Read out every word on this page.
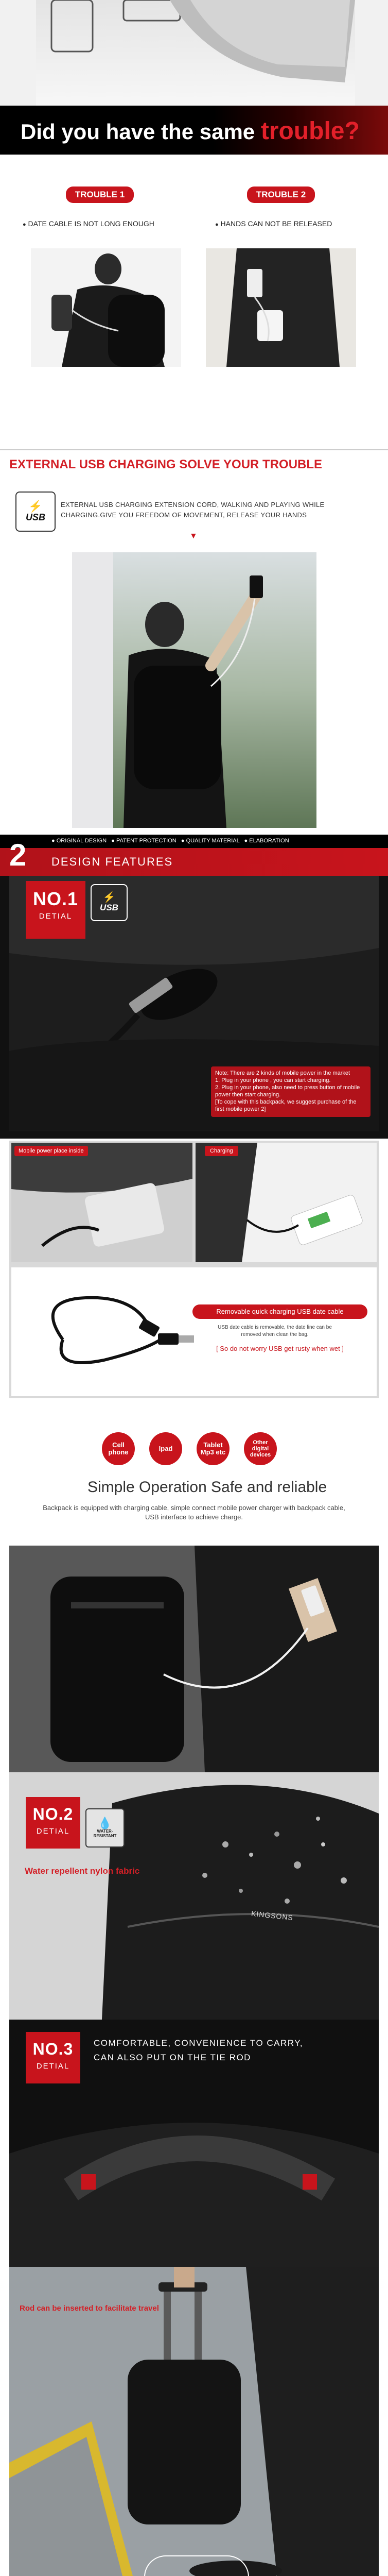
Did you have the same trouble?
TROUBLE 1	TROUBLE 2
● DATE CABLE IS NOT LONG ENOUGH	● HANDS CAN NOT BE RELEASED
EXTERNAL USB CHARGING SOLVE YOUR TROUBLE
⚡
USB
EXTERNAL USB CHARGING EXTENSION CORD, WALKING AND PLAYING WHILE CHARGING.GIVE YOU FREEDOM OF MOVEMENT, RELEASE YOUR HANDS
▼
2	● ORIGINAL DESIGN ● PATENT PROTECTION ● QUALITY MATERIAL ● ELABORATION
DESIGN FEATURES
NO.1
DETIAL
⚡
USB
Note: There are 2 kinds of mobile power in the market
1. Plug in your phone , you can start charging.
2. Plug in your phone, also need to press button of mobile power then start charging.
[To cope with this backpack, we suggest purchase of the first mobile power 2]
Mobile power place inside	Charging
Removable quick charging USB date cable
USB date cable is removable, the date line can be removed when clean the bag.
[ So do not worry USB get rusty when wet ]
Cell phone	Ipad	Tablet Mp3 etc
Other digital devices
Simple Operation Safe and reliable
Backpack is equipped with charging cable, simple connect mobile power charger with backpack cable, USB interface to achieve charge.
KINGSONS
NO.2
DETIAL
💧
WATER-RESISTANT
Water repellent nylon fabric
NO.3
DETIAL
COMFORTABLE, CONVENIENCE TO CARRY,
CAN ALSO PUT ON THE TIE ROD
Rod can be inserted to facilitate travel
